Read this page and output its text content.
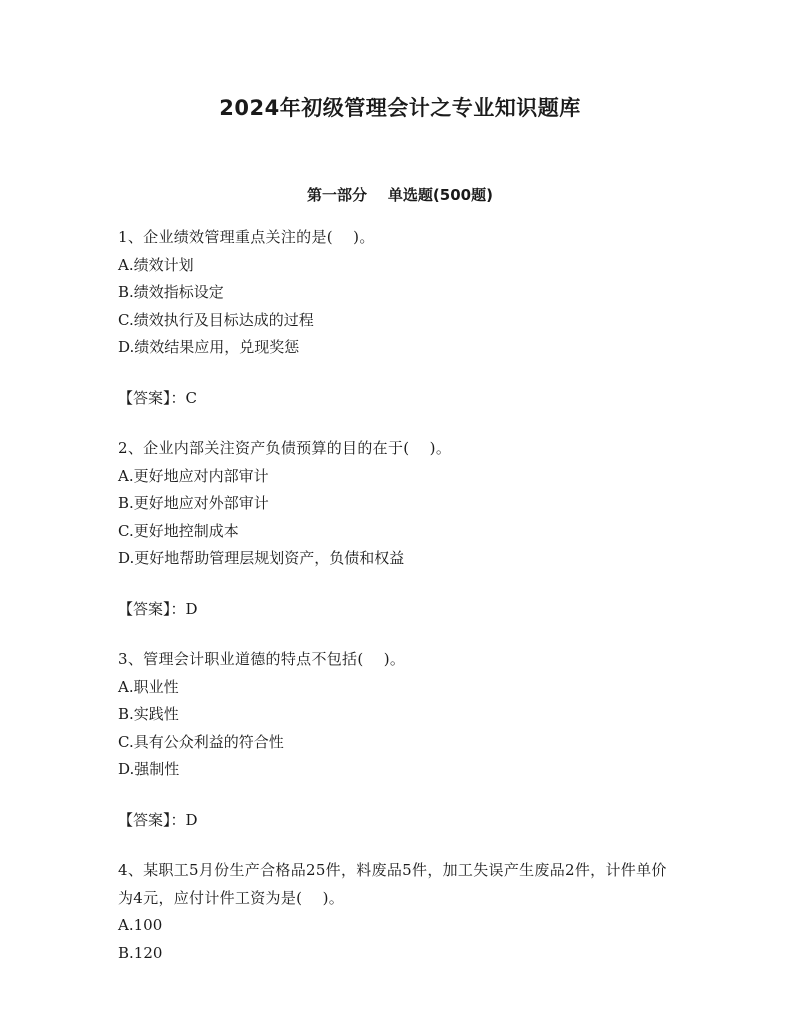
2024年初级管理会计之专业知识题库
第一部分    单选题(500题)

1、企业绩效管理重点关注的是(    )。

A.绩效计划

B.绩效指标设定

C.绩效执行及目标达成的过程

D.绩效结果应用，兑现奖惩

【答案】：C

2、企业内部关注资产负债预算的目的在于(    )。

A.更好地应对内部审计

B.更好地应对外部审计

C.更好地控制成本

D.更好地帮助管理层规划资产，负债和权益

【答案】：D

3、管理会计职业道德的特点不包括(    )。

A.职业性

B.实践性

C.具有公众利益的符合性

D.强制性

【答案】：D

4、某职工5月份生产合格品25件，料废品5件，加工失误产生废品2件，计件单价为4元，应付计件工资为是(    )。

A.100

B.120
